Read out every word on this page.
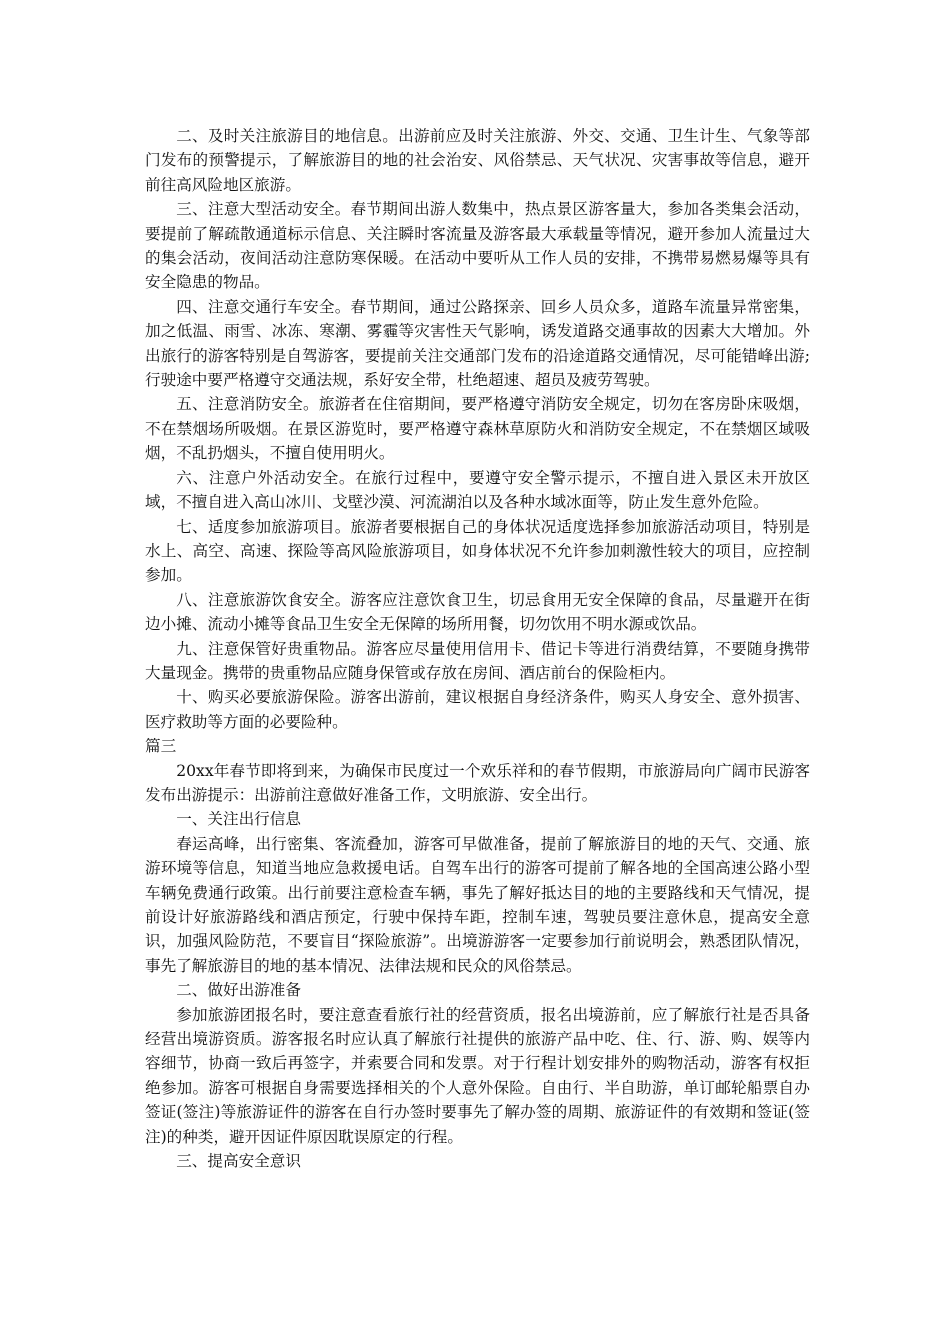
二、及时关注旅游目的地信息。出游前应及时关注旅游、外交、交通、卫生计生、气象等部门发布的预警提示，了解旅游目的地的社会治安、风俗禁忌、天气状况、灾害事故等信息，避开前往高风险地区旅游。

三、注意大型活动安全。春节期间出游人数集中，热点景区游客量大，参加各类集会活动，要提前了解疏散通道标示信息、关注瞬时客流量及游客最大承载量等情况，避开参加人流量过大的集会活动，夜间活动注意防寒保暖。在活动中要听从工作人员的安排，不携带易燃易爆等具有安全隐患的物品。

四、注意交通行车安全。春节期间，通过公路探亲、回乡人员众多，道路车流量异常密集，加之低温、雨雪、冰冻、寒潮、雾霾等灾害性天气影响，诱发道路交通事故的因素大大增加。外出旅行的游客特别是自驾游客，要提前关注交通部门发布的沿途道路交通情况，尽可能错峰出游;行驶途中要严格遵守交通法规，系好安全带，杜绝超速、超员及疲劳驾驶。

五、注意消防安全。旅游者在住宿期间，要严格遵守消防安全规定，切勿在客房卧床吸烟，不在禁烟场所吸烟。在景区游览时，要严格遵守森林草原防火和消防安全规定，不在禁烟区域吸烟，不乱扔烟头，不擅自使用明火。

六、注意户外活动安全。在旅行过程中，要遵守安全警示提示，不擅自进入景区未开放区域，不擅自进入高山冰川、戈壁沙漠、河流湖泊以及各种水域冰面等，防止发生意外危险。

七、适度参加旅游项目。旅游者要根据自己的身体状况适度选择参加旅游活动项目，特别是水上、高空、高速、探险等高风险旅游项目，如身体状况不允许参加刺激性较大的项目，应控制参加。

八、注意旅游饮食安全。游客应注意饮食卫生，切忌食用无安全保障的食品，尽量避开在街边小摊、流动小摊等食品卫生安全无保障的场所用餐，切勿饮用不明水源或饮品。

九、注意保管好贵重物品。游客应尽量使用信用卡、借记卡等进行消费结算，不要随身携带大量现金。携带的贵重物品应随身保管或存放在房间、酒店前台的保险柜内。

十、购买必要旅游保险。游客出游前，建议根据自身经济条件，购买人身安全、意外损害、医疗救助等方面的必要险种。

篇三

20xx年春节即将到来，为确保市民度过一个欢乐祥和的春节假期，市旅游局向广阔市民游客发布出游提示：出游前注意做好准备工作，文明旅游、安全出行。

一、关注出行信息

春运高峰，出行密集、客流叠加，游客可早做准备，提前了解旅游目的地的天气、交通、旅游环境等信息，知道当地应急救援电话。自驾车出行的游客可提前了解各地的全国高速公路小型车辆免费通行政策。出行前要注意检查车辆，事先了解好抵达目的地的主要路线和天气情况，提前设计好旅游路线和酒店预定，行驶中保持车距，控制车速，驾驶员要注意休息，提高安全意识，加强风险防范，不要盲目“探险旅游”。出境游游客一定要参加行前说明会，熟悉团队情况，事先了解旅游目的地的基本情况、法律法规和民众的风俗禁忌。

二、做好出游准备

参加旅游团报名时，要注意查看旅行社的经营资质，报名出境游前，应了解旅行社是否具备经营出境游资质。游客报名时应认真了解旅行社提供的旅游产品中吃、住、行、游、购、娱等内容细节，协商一致后再签字，并索要合同和发票。对于行程计划安排外的购物活动，游客有权拒绝参加。游客可根据自身需要选择相关的个人意外保险。自由行、半自助游，单订邮轮船票自办签证(签注)等旅游证件的游客在自行办签时要事先了解办签的周期、旅游证件的有效期和签证(签注)的种类，避开因证件原因耽误原定的行程。

三、提高安全意识
